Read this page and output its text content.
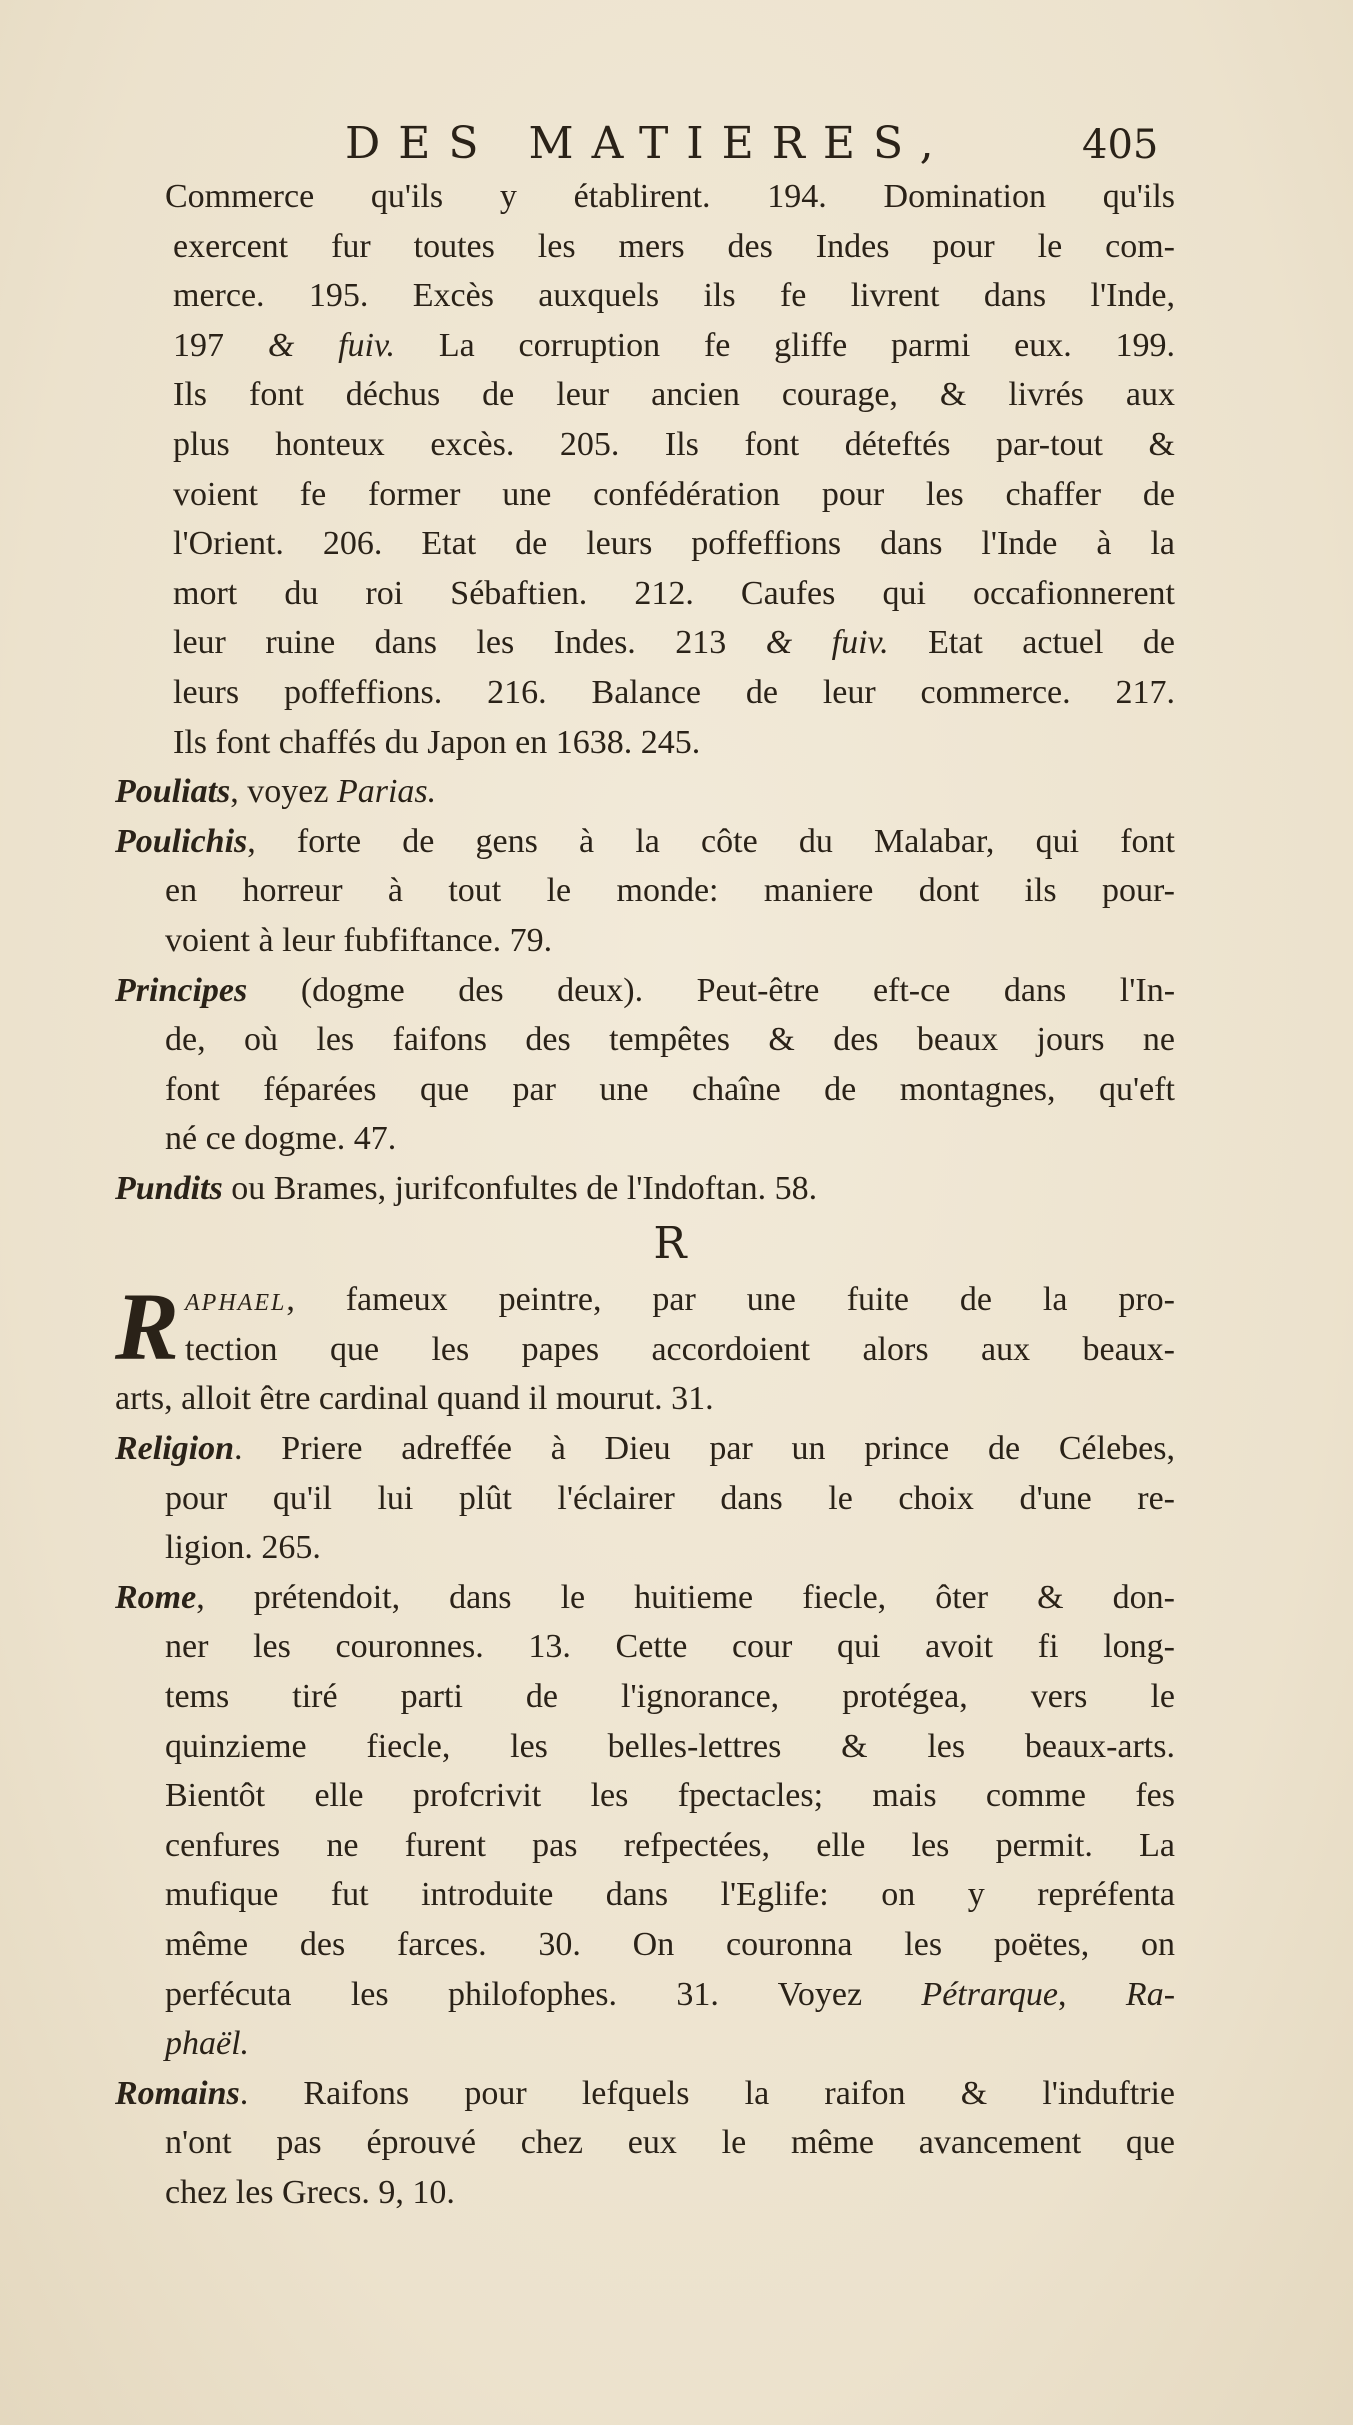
DES MATIERES,	405
Commerce qu'ils y établirent. 194. Domination qu'ils
exercent fur toutes les mers des Indes pour le com-
merce. 195. Excès auxquels ils fe livrent dans l'Inde,
197 & fuiv. La corruption fe gliffe parmi eux. 199.
Ils font déchus de leur ancien courage, & livrés aux
plus honteux excès. 205. Ils font déteftés par-tout &
voient fe former une confédération pour les chaffer de
l'Orient. 206. Etat de leurs poffeffions dans l'Inde à la
mort du roi Sébaftien. 212. Caufes qui occafionnerent
leur ruine dans les Indes. 213 & fuiv. Etat actuel de
leurs poffeffions. 216. Balance de leur commerce. 217.
Ils font chaffés du Japon en 1638. 245.
Pouliats, voyez Parias.
Poulichis, forte de gens à la côte du Malabar, qui font
en horreur à tout le monde: maniere dont ils pour-
voient à leur fubfiftance. 79.
Principes (dogme des deux). Peut-être eft-ce dans l'In-
de, où les faifons des tempêtes & des beaux jours ne
font féparées que par une chaîne de montagnes, qu'eft
né ce dogme. 47.
Pundits ou Brames, jurifconfultes de l'Indoftan. 58.
R
R aphael, fameux peintre, par une fuite de la pro-
tection que les papes accordoient alors aux beaux-
arts, alloit être cardinal quand il mourut. 31.
Religion. Priere adreffée à Dieu par un prince de Célebes,
pour qu'il lui plût l'éclairer dans le choix d'une re-
ligion. 265.
Rome, prétendoit, dans le huitieme fiecle, ôter & don-
ner les couronnes. 13. Cette cour qui avoit fi long-
tems tiré parti de l'ignorance, protégea, vers le
quinzieme fiecle, les belles-lettres & les beaux-arts.
Bientôt elle profcrivit les fpectacles; mais comme fes
cenfures ne furent pas refpectées, elle les permit. La
mufique fut introduite dans l'Eglife: on y repréfenta
même des farces. 30. On couronna les poëtes, on
perfécuta les philofophes. 31. Voyez Pétrarque, Ra-
phaël.
Romains. Raifons pour lefquels la raifon & l'induftrie
n'ont pas éprouvé chez eux le même avancement que
chez les Grecs. 9, 10.
